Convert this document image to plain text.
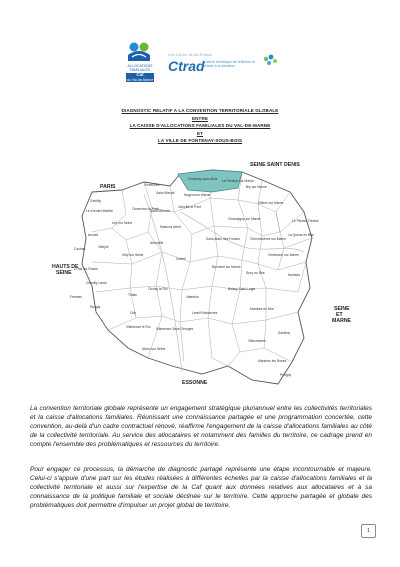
ALLOCATIONS
FAMILIALES
Caf
du Val-de-Marne
Les Caf en Ile-de-France
Ctrad Cellule technique de réflexion et d'aide à la décision
DIAGNOSTIC RELATIF A LA CONVENTION TERRITORIALE GLOBALE
ENTRE
LA CAISSE D'ALLOCATIONS FAMILIALES DU VAL-DE-MARNE
ET
LA VILLE DE FONTENAY-SOUS-BOIS
PARIS
SEINE SAINT DENIS
HAUTS DE SEINE
SEINE ET MARNE
ESSONNE
Fontenay-sous-Bois
Vincennes
Saint Mandé	Nogent sur Marne
Le Perreux sur Marne
Bry sur Marne
Villiers sur Marne
Champigny sur Marne
Joinville le Pont
Saint Maurice
Charenton le Pont
Le Kremlin Bicêtre
Gentilly
Ivry sur Seine
Maisons Alfort
Saint-Maur des Fossés	Chennevières sur Marne
La Queue en Brie
Ormesson sur Marne
Le Plessis Trévise
Noiseau
Arcueil
Cachan	Villejuif
Vitry sur Seine
Alfortville
Créteil
Bonneuil sur Marne
Sucy en Brie
L'Haÿ les Roses
Chevilly Larue
Fresnes	Thiais
Choisy le Roi
Valenton
Boissy Saint Léger
Limeil Brévannes
Marolles en Brie
Rungis
Orly
Villeneuve le Roi Villeneuve Saint Georges
Villecresnes
Santeny
Mandres les Roses
Périgny
Ablon sur Seine
La convention territoriale globale représente un engagement stratégique pluriannuel entre les collectivités territoriales et la caisse d'allocations familiales. Réunissant une connaissance partagée et une programmation concertée, cette convention, au-delà d'un cadre contractuel rénové, réaffirme l'engagement de la caisse d'allocations familiales au côté de la collectivité territoriale. Au service des allocataires et notamment des familles du territoire, ce cadrage prend en compte l'ensemble des problématiques et ressources du territoire.
Pour engager ce processus, la démarche de diagnostic partagé représente une étape incontournable et majeure. Celui-ci s'appuie d'une part sur les études réalisées à différentes échelles par la caisse d'allocations familiales et la collectivité territoriale et aussi sur l'expertise de la Caf quant aux données relatives aux allocataires et à sa connaissance de la politique familiale et sociale déclinée sur le territoire. Cette approche partagée et globale des problématiques doit permettre d'impulser un projet global de territoire.
1
